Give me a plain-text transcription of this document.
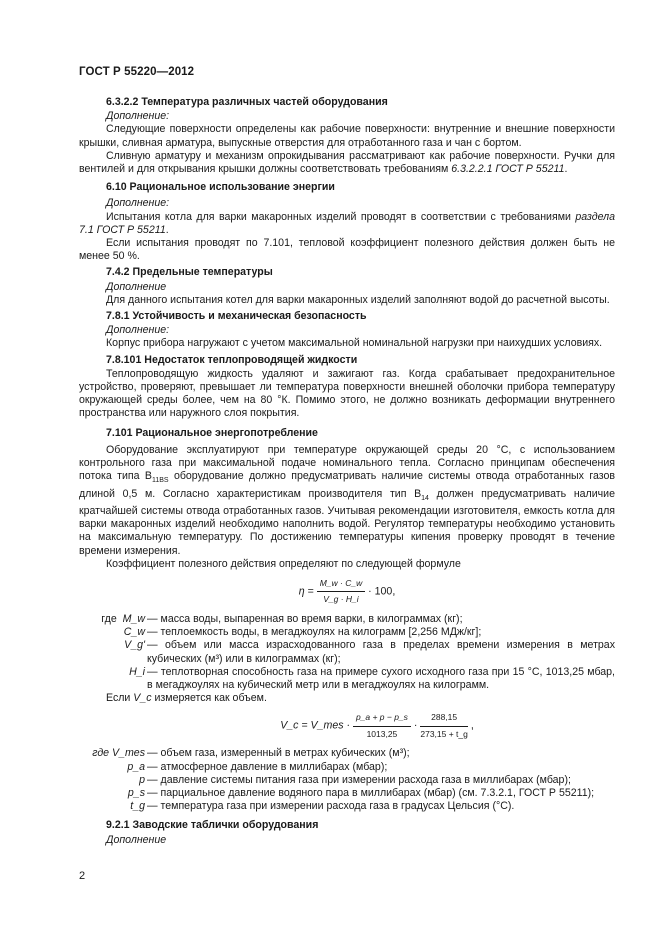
ГОСТ Р 55220—2012
6.3.2.2 Температура различных частей оборудования
Дополнение:

Следующие поверхности определены как рабочие поверхности: внутренние и внешние поверхности крышки, сливная арматура, выпускные отверстия для отработанного газа и чан с бортом.

Сливную арматуру и механизм опрокидывания рассматривают как рабочие поверхности. Ручки для вентилей и для открывания крышки должны соответствовать требованиям 6.3.2.2.1 ГОСТ Р 55211.

6.10 Рациональное использование энергии
Дополнение:

Испытания котла для варки макаронных изделий проводят в соответствии с требованиями раздела 7.1 ГОСТ Р 55211.

Если испытания проводят по 7.101, тепловой коэффициент полезного действия должен быть не менее 50 %.

7.4.2 Предельные температуры
Дополнение

Для данного испытания котел для варки макаронных изделий заполняют водой до расчетной высоты.

7.8.1 Устойчивость и механическая безопасность
Дополнение:

Корпус прибора нагружают с учетом максимальной номинальной нагрузки при наихудших условиях.

7.8.101 Недостаток теплопроводящей жидкости

Теплопроводящую жидкость удаляют и зажигают газ. Когда срабатывает предохранительное устройство, проверяют, превышает ли температура поверхности внешней оболочки прибора температуру окружающей среды более, чем на 80 °К. Помимо этого, не должно возникать деформации внутреннего пространства или наружного слоя покрытия.

7.101 Рациональное энергопотребление

Оборудование эксплуатируют при температуре окружающей среды 20 °С, с использованием контрольного газа при максимальной подаче номинального тепла. Согласно принципам обеспечения потока типа $В_{11BS}$ оборудование должно предусматривать наличие системы отвода отработанных газов длиной 0,5 м. Согласно характеристикам производителя тип $В_{14}$ должен предусматривать наличие кратчайшей системы отвода отработанных газов. Учитывая рекомендации изготовителя, емкость котла для варки макаронных изделий необходимо наполнить водой. Регулятор температуры необходимо установить на максимальную температуру. По достижению температуры кипения проверку проводят в течение времени измерения.

Коэффициент полезного действия определяют по следующей формуле

$\eta = \frac{M\_w \cdot C\_w}{V\_g \cdot H\_i} \cdot 100$,
где M_w — масса воды, выпаренная во время варки, в килограммах (кг);
C_w — теплоемкость воды, в мегаджоулях на килограмм [2,256 МДж/кг];
V_g' — объем или масса израсходованного газа в пределах времени измерения в метрах кубических (м³) или в килограммах (кг);
H_i — теплотворная способность газа на примере сухого исходного газа при 15 °С, 1013,25 мбар, в мегаджоулях на кубический метр или в мегаджоулях на килограмм.

Если V_c измеряется как объем.

V_c = V_mes · $\frac{p\_a + p - p\_s}{1013,25} \cdot \frac{288,15}{273,15 + t\_g}$ ,
где V_mes — объем газа, измеренный в метрах кубических (м³);
p_a — атмосферное давление в миллибарах (мбар);
p — давление системы питания газа при измерении расхода газа в миллибарах (мбар);
p_s — парциальное давление водяного пара в миллибарах (мбар) (см. 7.3.2.1, ГОСТ Р 55211);
t_g — температура газа при измерении расхода газа в градусах Цельсия (°С).
9.2.1 Заводские таблички оборудования
Дополнение
2
